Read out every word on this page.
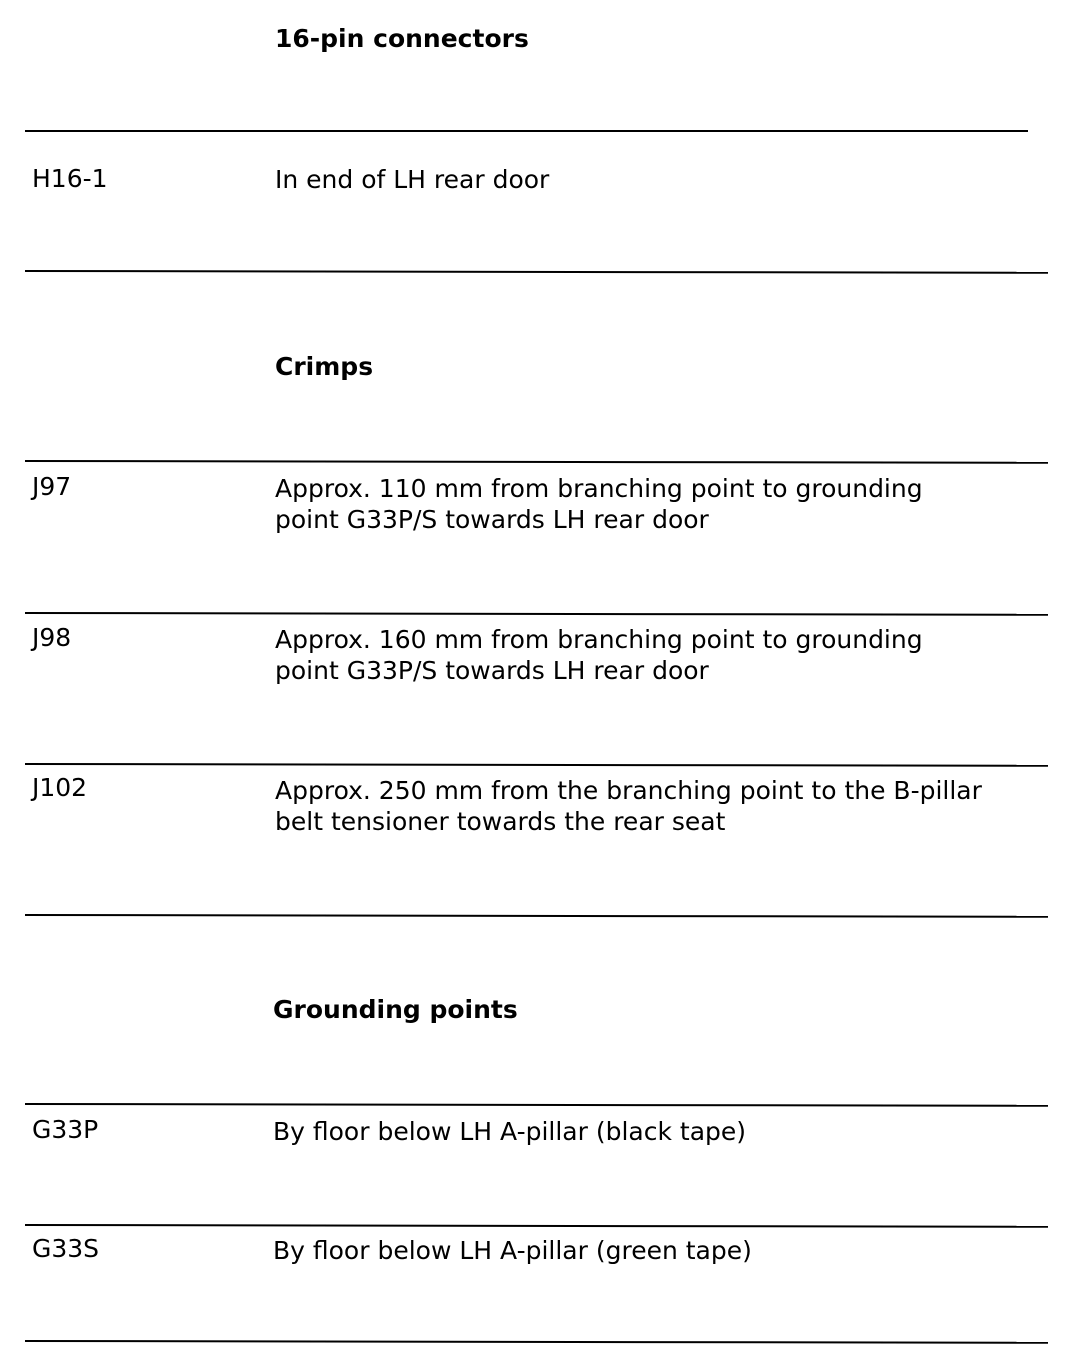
16-pin connectors
H16-1	In end of LH rear door
Crimps
J97	Approx. 110 mm from branching point to grounding
point G33P/S towards LH rear door
J98	Approx. 160 mm from branching point to grounding
point G33P/S towards LH rear door
J102	Approx. 250 mm from the branching point to the B-pillar
belt tensioner towards the rear seat
Grounding points
G33P	By floor below LH A-pillar (black tape)
G33S	By floor below LH A-pillar (green tape)
